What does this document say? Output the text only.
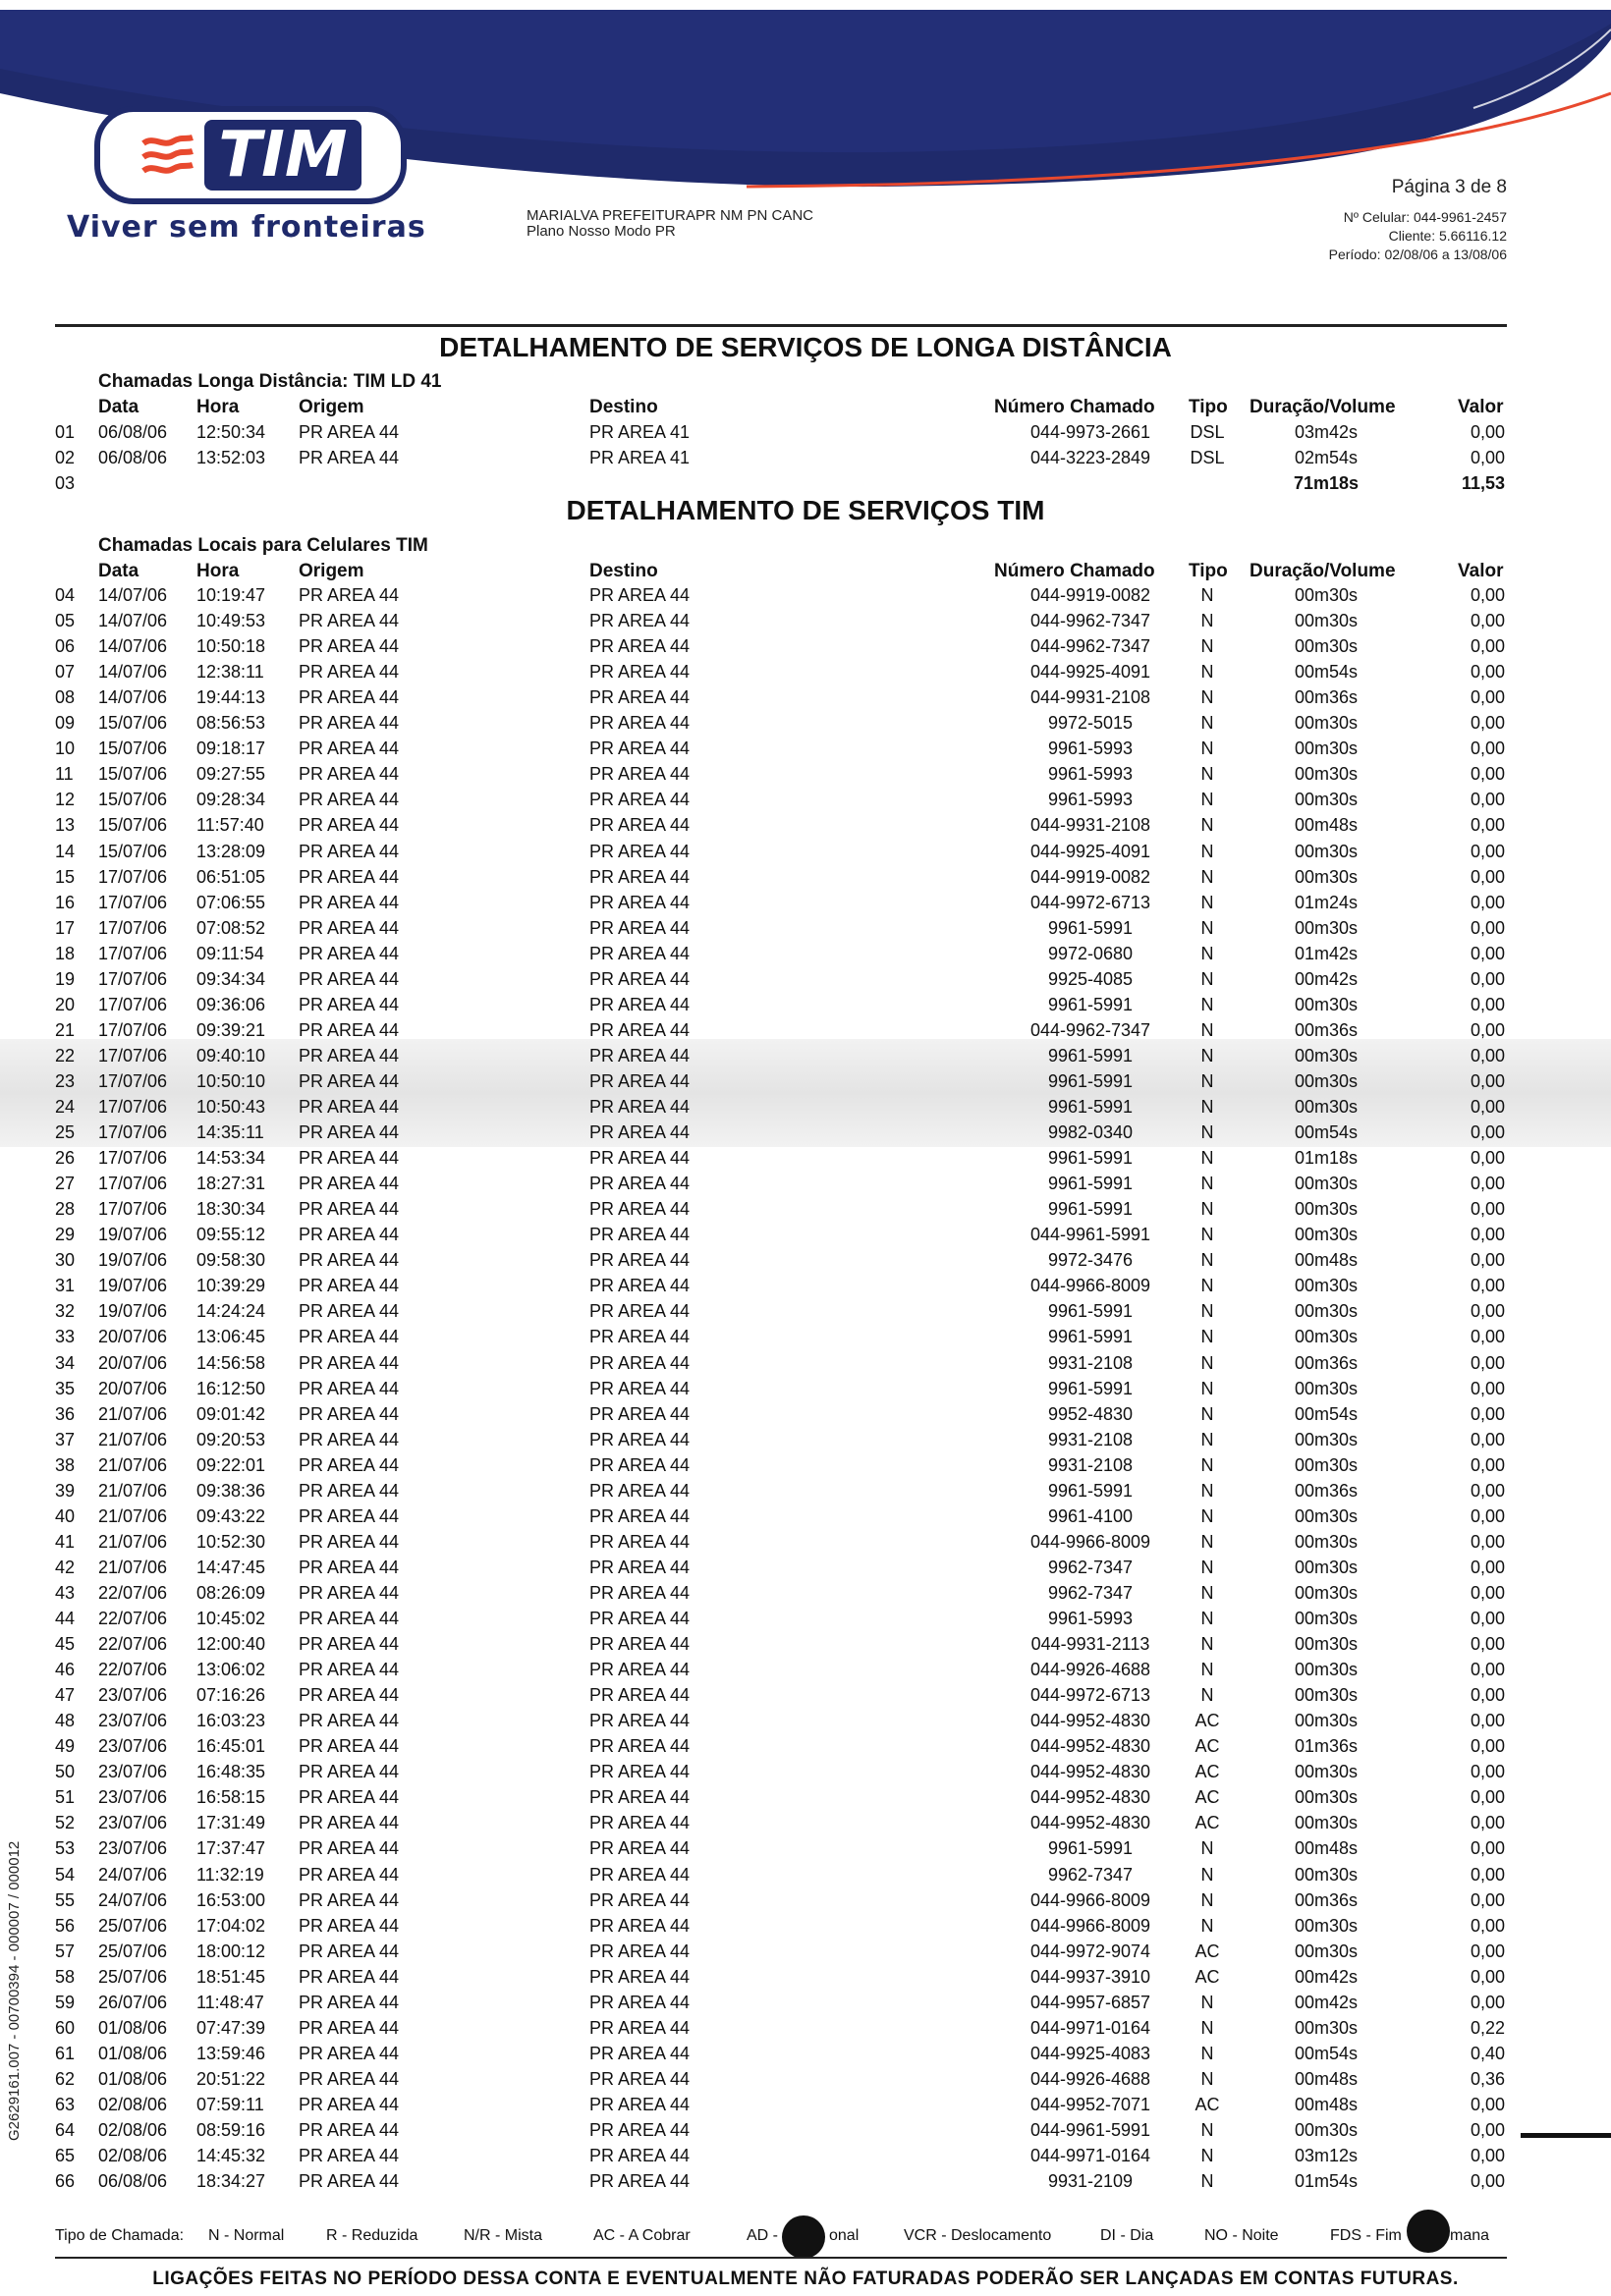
TIM
Viver sem fronteiras	MARIALVA PREFEITURAPR NM PN CANC
Plano Nosso Modo PR
Página 3 de 8
Nº Celular: 044-9961-2457
Cliente: 5.66116.12
Período: 02/08/06 a 13/08/06
DETALHAMENTO DE SERVIÇOS DE LONGA DISTÂNCIA
Chamadas Longa Distância: TIM LD 41
Data	Hora	Origem	Destino	Número Chamado Tipo Duração/Volume	Valor
01 06/08/06 12:50:34 PR AREA 44	PR AREA 41	044-9973-2661	DSL	03m42s	0,00
02 06/08/06 13:52:03 PR AREA 44	PR AREA 41	044-3223-2849	DSL	02m54s	0,00
03	71m18s	11,53
DETALHAMENTO DE SERVIÇOS TIM
Chamadas Locais para Celulares TIM
Data	Hora	Origem	Destino	Número Chamado Tipo Duração/Volume	Valor
04 14/07/06 10:19:47 PR AREA 44	PR AREA 44	044-9919-0082	N	00m30s	0,00
05 14/07/06 10:49:53 PR AREA 44	PR AREA 44	044-9962-7347	N	00m30s	0,00
06 14/07/06 10:50:18 PR AREA 44	PR AREA 44	044-9962-7347	N	00m30s	0,00
07 14/07/06 12:38:11 PR AREA 44	PR AREA 44	044-9925-4091	N	00m54s	0,00
08 14/07/06 19:44:13 PR AREA 44	PR AREA 44	044-9931-2108	N	00m36s	0,00
09 15/07/06 08:56:53 PR AREA 44	PR AREA 44	9972-5015	N	00m30s	0,00
10 15/07/06 09:18:17 PR AREA 44	PR AREA 44	9961-5993	N	00m30s	0,00
11 15/07/06 09:27:55 PR AREA 44	PR AREA 44	9961-5993	N	00m30s	0,00
12 15/07/06 09:28:34 PR AREA 44	PR AREA 44	9961-5993	N	00m30s	0,00
13 15/07/06 11:57:40 PR AREA 44	PR AREA 44	044-9931-2108	N	00m48s	0,00
14 15/07/06 13:28:09 PR AREA 44	PR AREA 44	044-9925-4091	N	00m30s	0,00
15 17/07/06 06:51:05 PR AREA 44	PR AREA 44	044-9919-0082	N	00m30s	0,00
16 17/07/06 07:06:55 PR AREA 44	PR AREA 44	044-9972-6713	N	01m24s	0,00
17 17/07/06 07:08:52 PR AREA 44	PR AREA 44	9961-5991	N	00m30s	0,00
18 17/07/06 09:11:54 PR AREA 44	PR AREA 44	9972-0680	N	01m42s	0,00
19 17/07/06 09:34:34 PR AREA 44	PR AREA 44	9925-4085	N	00m42s	0,00
20 17/07/06 09:36:06 PR AREA 44	PR AREA 44	9961-5991	N	00m30s	0,00
21 17/07/06 09:39:21 PR AREA 44	PR AREA 44	044-9962-7347	N	00m36s	0,00
22 17/07/06 09:40:10 PR AREA 44	PR AREA 44	9961-5991	N	00m30s	0,00
23 17/07/06 10:50:10 PR AREA 44	PR AREA 44	9961-5991	N	00m30s	0,00
24 17/07/06 10:50:43 PR AREA 44	PR AREA 44	9961-5991	N	00m30s	0,00
25 17/07/06 14:35:11 PR AREA 44	PR AREA 44	9982-0340	N	00m54s	0,00
26 17/07/06 14:53:34 PR AREA 44	PR AREA 44	9961-5991	N	01m18s	0,00
27 17/07/06 18:27:31 PR AREA 44	PR AREA 44	9961-5991	N	00m30s	0,00
28 17/07/06 18:30:34 PR AREA 44	PR AREA 44	9961-5991	N	00m30s	0,00
29 19/07/06 09:55:12 PR AREA 44	PR AREA 44	044-9961-5991	N	00m30s	0,00
30 19/07/06 09:58:30 PR AREA 44	PR AREA 44	9972-3476	N	00m48s	0,00
31 19/07/06 10:39:29 PR AREA 44	PR AREA 44	044-9966-8009	N	00m30s	0,00
32 19/07/06 14:24:24 PR AREA 44	PR AREA 44	9961-5991	N	00m30s	0,00
33 20/07/06 13:06:45 PR AREA 44	PR AREA 44	9961-5991	N	00m30s	0,00
34 20/07/06 14:56:58 PR AREA 44	PR AREA 44	9931-2108	N	00m36s	0,00
35 20/07/06 16:12:50 PR AREA 44	PR AREA 44	9961-5991	N	00m30s	0,00
36 21/07/06 09:01:42 PR AREA 44	PR AREA 44	9952-4830	N	00m54s	0,00
37 21/07/06 09:20:53 PR AREA 44	PR AREA 44	9931-2108	N	00m30s	0,00
38 21/07/06 09:22:01 PR AREA 44	PR AREA 44	9931-2108	N	00m30s	0,00
39 21/07/06 09:38:36 PR AREA 44	PR AREA 44	9961-5991	N	00m36s	0,00
40 21/07/06 09:43:22 PR AREA 44	PR AREA 44	9961-4100	N	00m30s	0,00
41 21/07/06 10:52:30 PR AREA 44	PR AREA 44	044-9966-8009	N	00m30s	0,00
42 21/07/06 14:47:45 PR AREA 44	PR AREA 44	9962-7347	N	00m30s	0,00
43 22/07/06 08:26:09 PR AREA 44	PR AREA 44	9962-7347	N	00m30s	0,00
44 22/07/06 10:45:02 PR AREA 44	PR AREA 44	9961-5993	N	00m30s	0,00
45 22/07/06 12:00:40 PR AREA 44	PR AREA 44	044-9931-2113	N	00m30s	0,00
46 22/07/06 13:06:02 PR AREA 44	PR AREA 44	044-9926-4688	N	00m30s	0,00
47 23/07/06 07:16:26 PR AREA 44	PR AREA 44	044-9972-6713	N	00m30s	0,00
48 23/07/06 16:03:23 PR AREA 44	PR AREA 44	044-9952-4830	AC	00m30s	0,00
49 23/07/06 16:45:01 PR AREA 44	PR AREA 44	044-9952-4830	AC	01m36s	0,00
50 23/07/06 16:48:35 PR AREA 44	PR AREA 44	044-9952-4830	AC	00m30s	0,00
51 23/07/06 16:58:15 PR AREA 44	PR AREA 44	044-9952-4830	AC	00m30s	0,00
52 23/07/06 17:31:49 PR AREA 44	PR AREA 44	044-9952-4830	AC	00m30s	0,00
53 23/07/06 17:37:47 PR AREA 44	PR AREA 44	9961-5991	N	00m48s	0,00
54 24/07/06 11:32:19 PR AREA 44	PR AREA 44	9962-7347	N	00m30s	0,00
55 24/07/06 16:53:00 PR AREA 44	PR AREA 44	044-9966-8009	N	00m36s	0,00
56 25/07/06 17:04:02 PR AREA 44	PR AREA 44	044-9966-8009	N	00m30s	0,00
57 25/07/06 18:00:12 PR AREA 44	PR AREA 44	044-9972-9074	AC	00m30s	0,00
58 25/07/06 18:51:45 PR AREA 44	PR AREA 44	044-9937-3910	AC	00m42s	0,00
59 26/07/06 11:48:47 PR AREA 44	PR AREA 44	044-9957-6857	N	00m42s	0,00
60 01/08/06 07:47:39 PR AREA 44	PR AREA 44	044-9971-0164	N	00m30s	0,22
61 01/08/06 13:59:46 PR AREA 44	PR AREA 44	044-9925-4083	N	00m54s	0,40
62 01/08/06 20:51:22 PR AREA 44	PR AREA 44	044-9926-4688	N	00m48s	0,36
63 02/08/06 07:59:11 PR AREA 44	PR AREA 44	044-9952-7071	AC	00m48s	0,00
64 02/08/06 08:59:16 PR AREA 44	PR AREA 44	044-9961-5991	N	00m30s	0,00
65 02/08/06 14:45:32 PR AREA 44	PR AREA 44	044-9971-0164	N	03m12s	0,00
66 06/08/06 18:34:27 PR AREA 44	PR AREA 44	9931-2109	N	01m54s	0,00
Tipo de Chamada: N - Normal	R - Reduzida	N/R - Mista	AC - A Cobrar	AD -	onal	VCR - Deslocamento	DI - Dia	NO - Noite	FDS - Fim	mana
LIGAÇÕES FEITAS NO PERÍODO DESSA CONTA E EVENTUALMENTE NÃO FATURADAS PODERÃO SER LANÇADAS EM CONTAS FUTURAS.
G2629161.007 - 00700394 - 000007 / 000012
